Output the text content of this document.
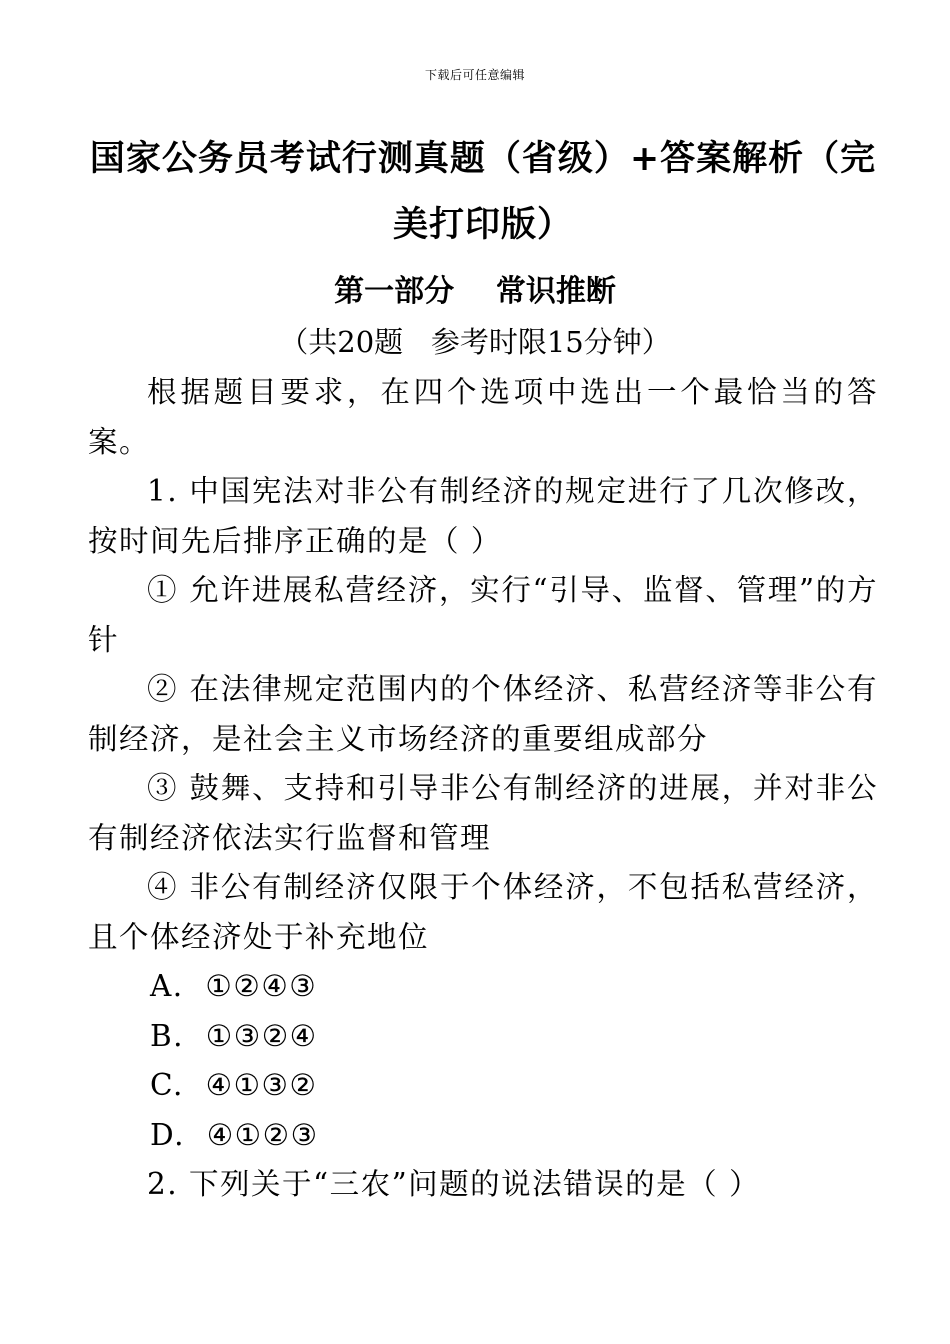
下载后可任意编辑
国家公务员考试行测真题（省级）+答案解析（完美打印版）
第一部分    常识推断
（共20题   参考时限15分钟）

根据题目要求，在四个选项中选出一个最恰当的答案。

1. 中国宪法对非公有制经济的规定进行了几次修改，按时间先后排序正确的是（ ）

① 允许进展私营经济，实行“引导、监督、管理”的方针

② 在法律规定范围内的个体经济、私营经济等非公有制经济，是社会主义市场经济的重要组成部分

③ 鼓舞、支持和引导非公有制经济的进展，并对非公有制经济依法实行监督和管理

④ 非公有制经济仅限于个体经济，不包括私营经济，且个体经济处于补充地位

A.  ①②④③

B.  ①③②④

C.  ④①③②

D.  ④①②③

2. 下列关于“三农”问题的说法错误的是（ ）
